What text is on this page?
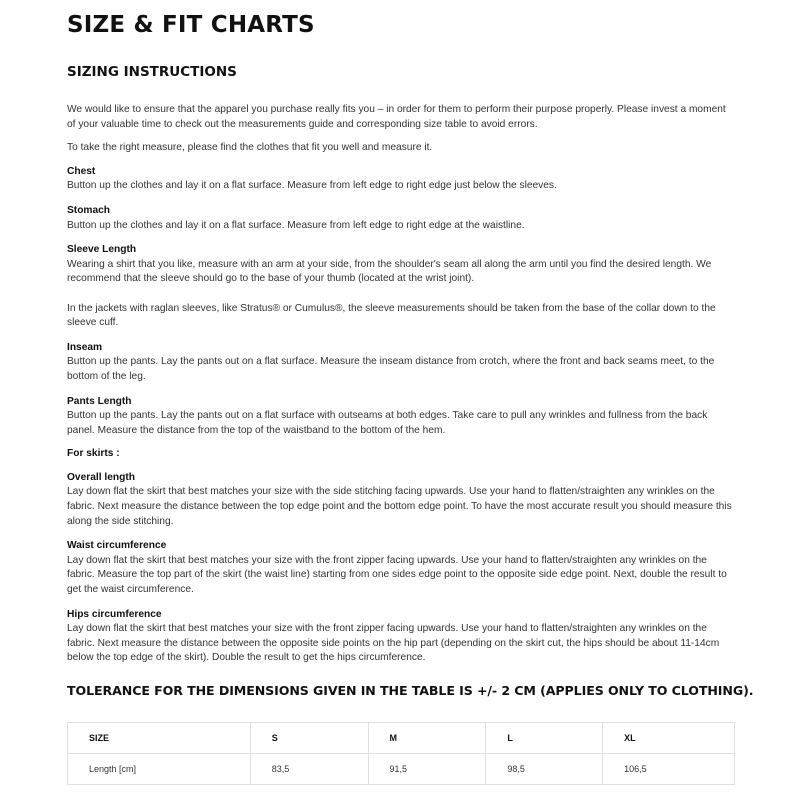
SIZE & FIT CHARTS
SIZING INSTRUCTIONS

We would like to ensure that the apparel you purchase really fits you – in order for them to perform their purpose properly. Please invest a moment of your valuable time to check out the measurements guide and corresponding size table to avoid errors.

To take the right measure, please find the clothes that fit you well and measure it.

Chest

Button up the clothes and lay it on a flat surface. Measure from left edge to right edge just below the sleeves.

Stomach

Button up the clothes and lay it on a flat surface. Measure from left edge to right edge at the waistline.

Sleeve Length

Wearing a shirt that you like, measure with an arm at your side, from the shoulder's seam all along the arm until you find the desired length. We recommend that the sleeve should go to the base of your thumb (located at the wrist joint).

In the jackets with raglan sleeves, like Stratus® or Cumulus®, the sleeve measurements should be taken from the base of the collar down to the sleeve cuff.

Inseam

Button up the pants. Lay the pants out on a flat surface. Measure the inseam distance from crotch, where the front and back seams meet, to the bottom of the leg.

Pants Length

Button up the pants. Lay the pants out on a flat surface with outseams at both edges. Take care to pull any wrinkles and fullness from the back panel. Measure the distance from the top of the waistband to the bottom of the hem.

For skirts :

Overall length

Lay down flat the skirt that best matches your size with the side stitching facing upwards. Use your hand to flatten/straighten any wrinkles on the fabric. Next measure the distance between the top edge point and the bottom edge point. To have the most accurate result you should measure this along the side stitching.

Waist circumference

Lay down flat the skirt that best matches your size with the front zipper facing upwards. Use your hand to flatten/straighten any wrinkles on the fabric. Measure the top part of the skirt (the waist line) starting from one sides edge point to the opposite side edge point. Next, double the result to get the waist circumference.

Hips circumference

Lay down flat the skirt that best matches your size with the front zipper facing upwards. Use your hand to flatten/straighten any wrinkles on the fabric. Next measure the distance between the opposite side points on the hip part (depending on the skirt cut, the hips should be about 11-14cm below the top edge of the skirt). Double the result to get the hips circumference.

TOLERANCE FOR THE DIMENSIONS GIVEN IN THE TABLE IS +/- 2 CM (APPLIES ONLY TO CLOTHING).
SIZE	S	M	L	XL
Length [cm]	83,5	91,5	98,5	106,5
